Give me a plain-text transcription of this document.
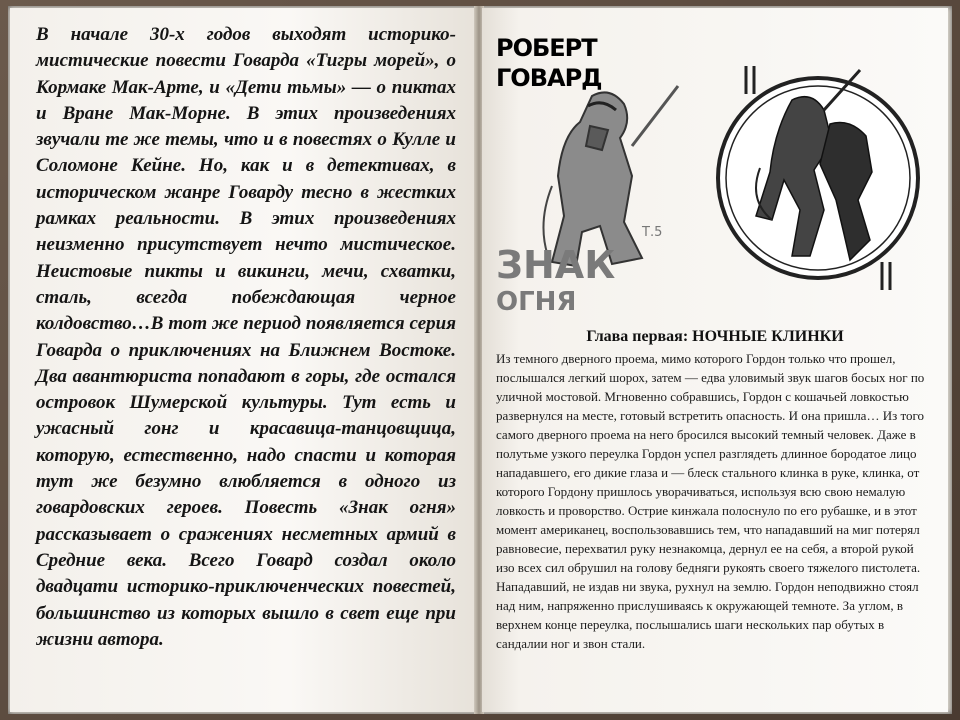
В начале 30-х годов выходят историко-мистические повести Говарда «Тигры морей», о Кормаке Мак-Арте, и «Дети тьмы» — о пиктах и Вране Мак-Морне. В этих произведениях звучали те же темы, что и в повестях о Кулле и Соломоне Кейне. Но, как и в детективах, в историческом жанре Говарду тесно в жестких рамках реальности. В этих произведениях неизменно присутствует нечто мистическое. Неистовые пикты и викинги, мечи, схватки, сталь, всегда побеждающая черное колдовство…В тот же период появляется серия Говарда о приключениях на Ближнем Востоке. Два авантюриста попадают в горы, где остался островок Шумерской культуры. Тут есть и ужасный гонг и красавица-танцовщица, которую, естественно, надо спасти и которая тут же безумно влюбляется в одного из говардовских героев. Повесть «Знак огня» рассказывает о сражениях несметных армий в Средние века. Всего Говард создал около двадцати историко-приключенческих повестей, большинство из которых вышло в свет еще при жизни автора.

РОБЕРТ
ГОВАРД
Т.5
ЗНАК
ОГНЯ

Глава первая: НОЧНЫЕ КЛИНКИ

Из темного дверного проема, мимо которого Гордон только что прошел, послышался легкий шорох, затем — едва уловимый звук шагов босых ног по уличной мостовой. Мгновенно собравшись, Гордон с кошачьей ловкостью развернулся на месте, готовый встретить опасность. И она пришла… Из того самого дверного проема на него бросился высокий темный человек. Даже в полутьме узкого переулка Гордон успел разглядеть длинное бородатое лицо нападавшего, его дикие глаза и — блеск стального клинка в руке, клинка, от которого Гордону пришлось уворачиваться, используя всю свою немалую ловкость и проворство. Острие кинжала полоснуло по его рубашке, и в этот момент американец, воспользовавшись тем, что нападавший на миг потерял равновесие, перехватил руку незнакомца, дернул ее на себя, а второй рукой изо всех сил обрушил на голову бедняги рукоять своего тяжелого пистолета. Нападавший, не издав ни звука, рухнул на землю. Гордон неподвижно стоял над ним, напряженно прислушиваясь к окружающей темноте. За углом, в верхнем конце переулка, послышались шаги нескольких пар обутых в сандалии ног и звон стали.
